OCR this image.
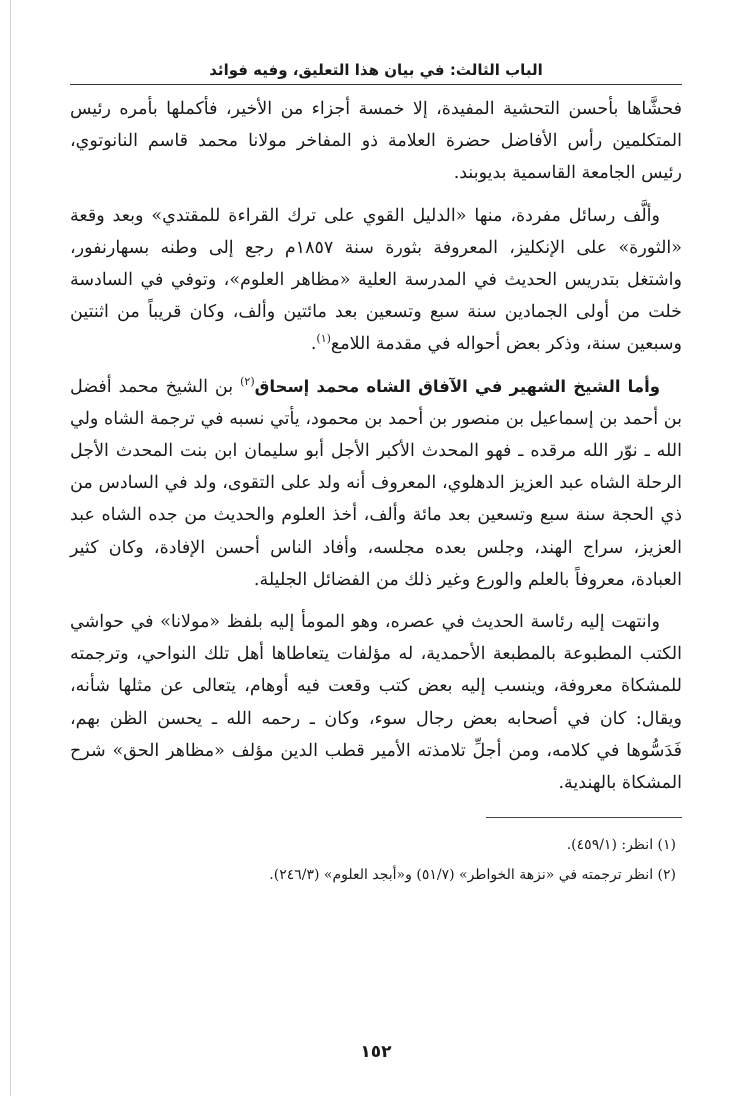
الباب الثالث: في بيان هذا التعليق، وفيه فوائد

فحشَّاها بأحسن التحشية المفيدة، إلا خمسة أجزاء من الأخير، فأكملها بأمره رئيس المتكلمين رأس الأفاضل حضرة العلامة ذو المفاخر مولانا محمد قاسم النانوتوي، رئيس الجامعة القاسمية بديوبند.

وألَّف رسائل مفردة، منها «الدليل القوي على ترك القراءة للمقتدي» وبعد وقعة «الثورة» على الإنكليز، المعروفة بثورة سنة ١٨٥٧م رجع إلى وطنه بسهارنفور، واشتغل بتدريس الحديث في المدرسة العلية «مظاهر العلوم»، وتوفي في السادسة خلت من أولى الجمادين سنة سبع وتسعين بعد مائتين وألف، وكان قريباً من اثنتين وسبعين سنة، وذكر بعض أحواله في مقدمة اللامع$^{(١)}$.

وأما الشيخ الشهير في الآفاق الشاه محمد إسحاق$^{(٢)}$ بن الشيخ محمد أفضل بن أحمد بن إسماعيل بن منصور بن أحمد بن محمود، يأتي نسبه في ترجمة الشاه ولي الله ـ نوّر الله مرقده ـ فهو المحدث الأكبر الأجل أبو سليمان ابن بنت المحدث الأجل الرحلة الشاه عبد العزيز الدهلوي، المعروف أنه ولد على التقوى، ولد في السادس من ذي الحجة سنة سبع وتسعين بعد مائة وألف، أخذ العلوم والحديث من جده الشاه عبد العزيز، سراج الهند، وجلس بعده مجلسه، وأفاد الناس أحسن الإفادة، وكان كثير العبادة، معروفاً بالعلم والورع وغير ذلك من الفضائل الجليلة.

وانتهت إليه رئاسة الحديث في عصره، وهو المومأ إليه بلفظ «مولانا» في حواشي الكتب المطبوعة بالمطبعة الأحمدية، له مؤلفات يتعاطاها أهل تلك النواحي، وترجمته للمشكاة معروفة، وينسب إليه بعض كتب وقعت فيه أوهام، يتعالى عن مثلها شأنه، ويقال: كان في أصحابه بعض رجال سوء، وكان ـ رحمه الله ـ يحسن الظن بهم، فَدَسُّوها في كلامه، ومن أجلِّ تلامذته الأمير قطب الدين مؤلف «مظاهر الحق» شرح المشكاة بالهندية.

(١) انظر: (٤٥٩/١).
(٢) انظر ترجمته في «نزهة الخواطر» (٥١/٧) و«أبجد العلوم» (٢٤٦/٣).
١٥٢
